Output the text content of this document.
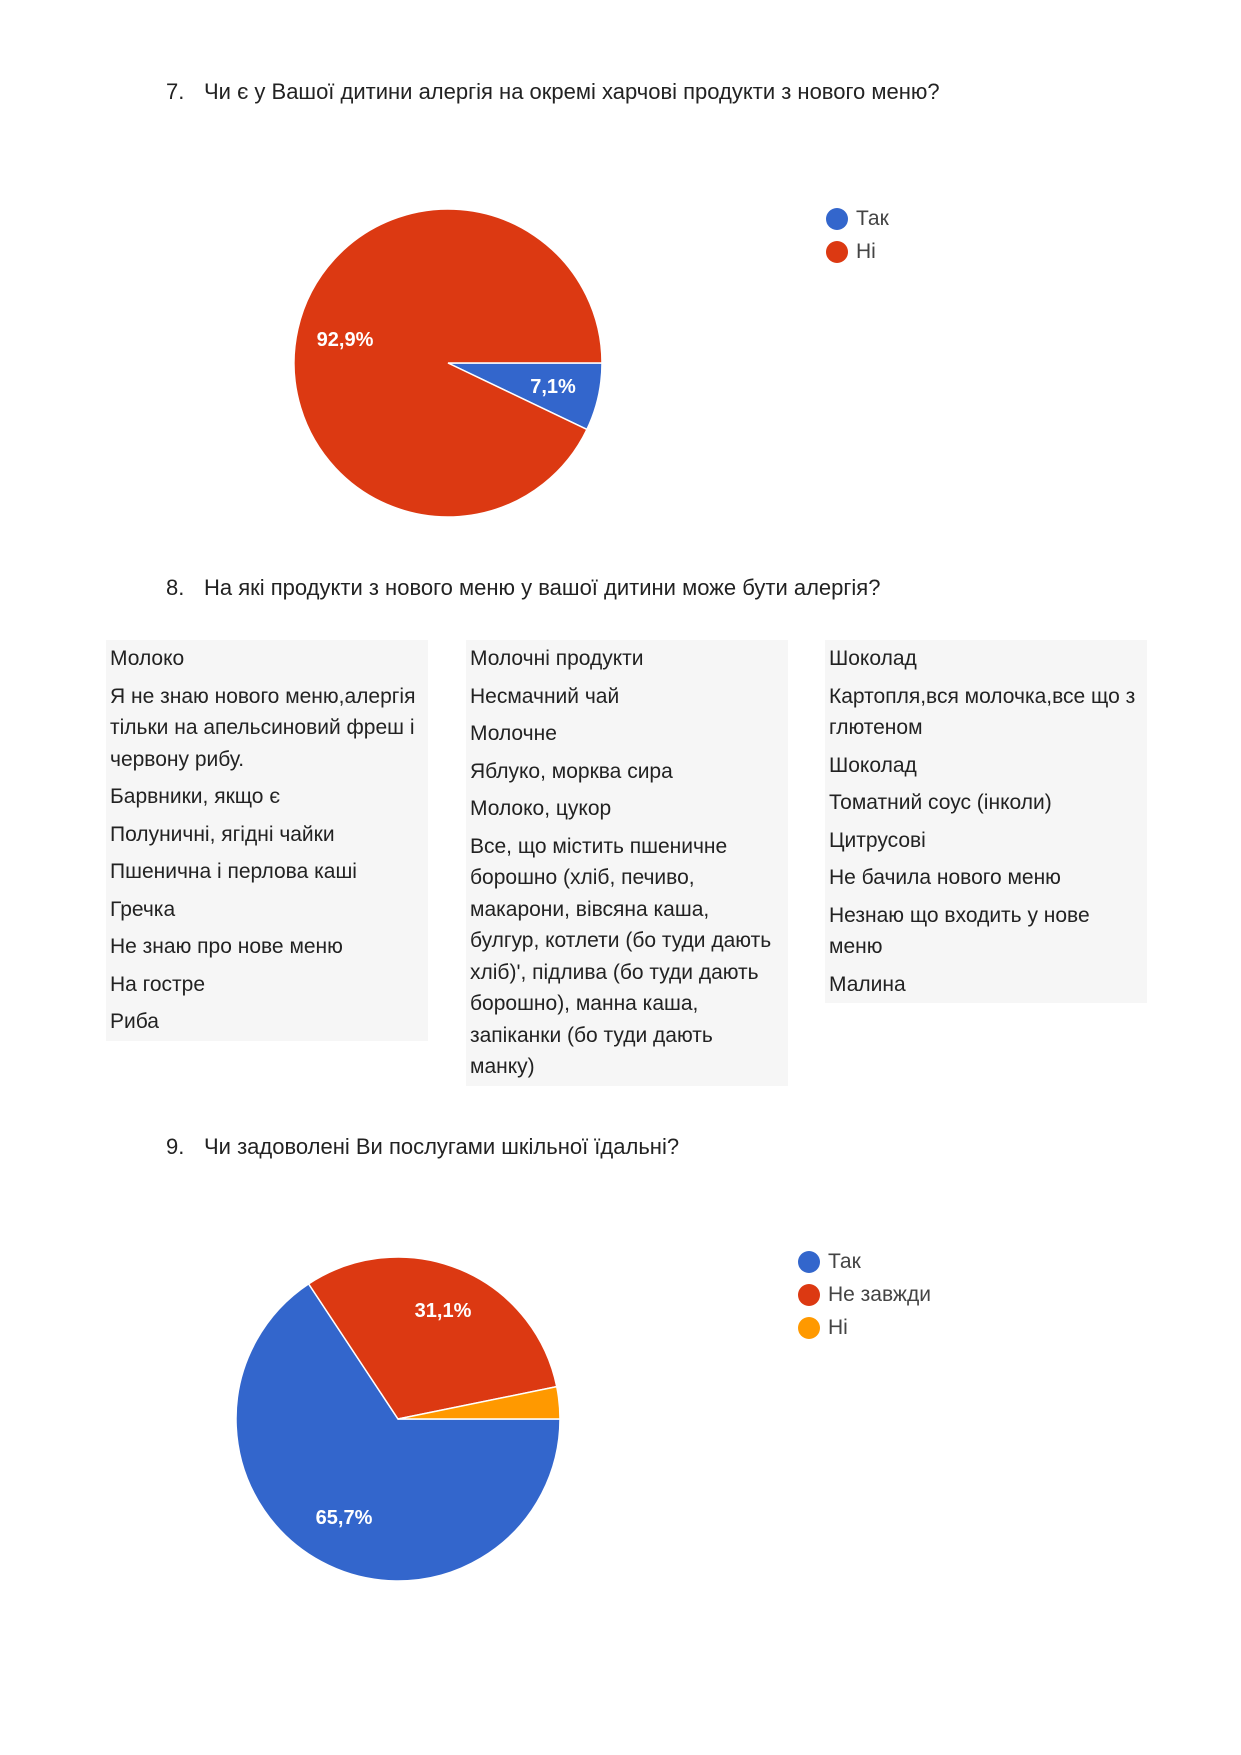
7. Чи є у Вашої дитини алергія на окремі харчові продукти з нового меню?
7,1%
92,9%
Так
Ні
8. На які продукти з нового меню у вашої дитини може бути алергія?
Молоко
Я не знаю нового меню,алергія тільки на апельсиновий фреш і червону рибу.
Барвники, якщо є
Полуничні, ягідні чайки
Пшенична і перлова каші
Гречка
Не знаю про нове меню
На гостре
Риба
Молочні продукти
Несмачний чай
Молочне
Яблуко, морква сира
Молоко, цукор
Все, що містить пшеничне борошно (хліб, печиво, макарони, вівсяна каша, булгур, котлети (бо туди дають хліб)', підлива (бо туди дають борошно), манна каша, запіканки (бо туди дають манку)
Шоколад
Картопля,вся молочка,все що з глютеном
Шоколад
Томатний соус (інколи)
Цитрусові
Не бачила нового меню
Незнаю що входить у нове меню
Малина
9. Чи задоволені Ви послугами шкільної їдальні?
65,7%
31,1%
Так
Не завжди
Ні
